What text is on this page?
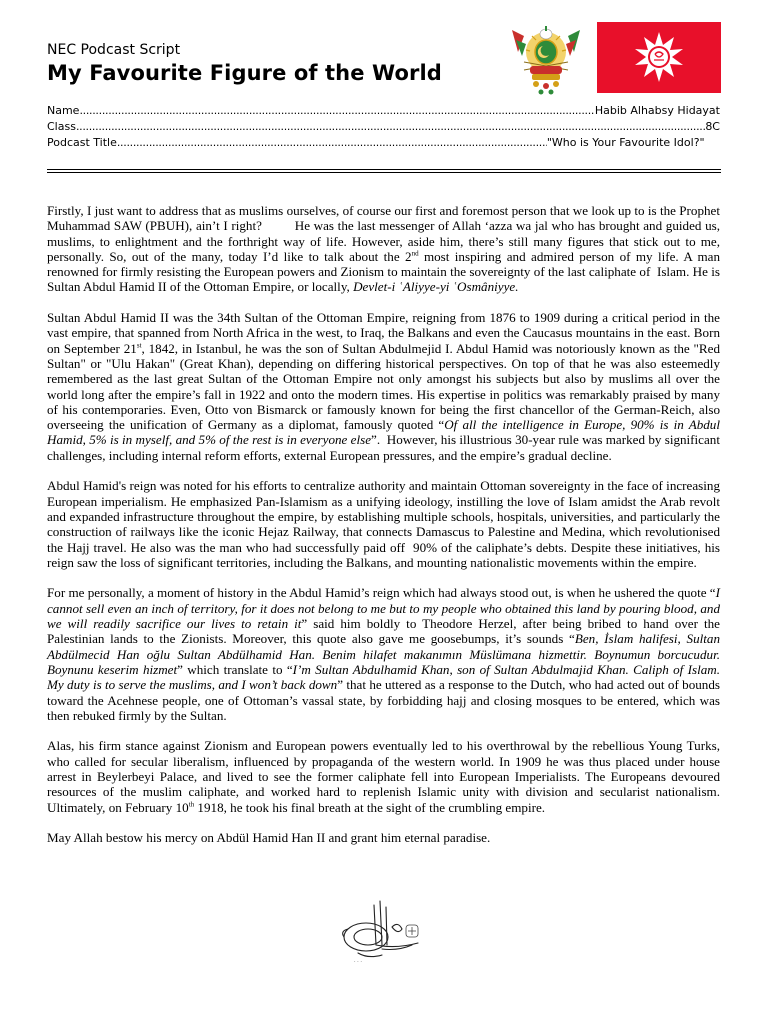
NEC Podcast Script
My Favourite Figure of the World
Name .....	Habib Alhabsy Hidayat
Class .....	8C
Podcast Title .....	"Who is Your Favourite Idol?"

Firstly, I just want to address that as muslims ourselves, of course our first and foremost person that we look up to is the Prophet Muhammad SAW (PBUH), ain’t I right?         He was the last messenger of Allah ‘azza wa jal who has brought and guided us, muslims, to enlightment and the forthright way of life. However, aside him, there’s still many figures that stick out to me, personally. So, out of the many, today I’d like to talk about the 2nd most inspiring and admired person of my life. A man renowned for firmly resisting the European powers and Zionism to maintain the sovereignty of the last caliphate of  Islam. He is Sultan Abdul Hamid II of the Ottoman Empire, or locally, Devlet-i ʿAliyye-yi ʿOsmâniyye.

Sultan Abdul Hamid II was the 34th Sultan of the Ottoman Empire, reigning from 1876 to 1909 during a critical period in the vast empire, that spanned from North Africa in the west, to Iraq, the Balkans and even the Caucasus mountains in the east. Born on September 21st, 1842, in Istanbul, he was the son of Sultan Abdulmejid I. Abdul Hamid was notoriously known as the "Red Sultan" or "Ulu Hakan" (Great Khan), depending on differing historical perspectives. On top of that he was also esteemedly remembered as the last great Sultan of the Ottoman Empire not only amongst his subjects but also by muslims all over the world long after the empire’s fall in 1922 and onto the modern times. His expertise in politics was remarkably praised by many of his contemporaries. Even, Otto von Bismarck or famously known for being the first chancellor of the German-Reich, also overseeing the unification of Germany as a diplomat, famously quoted “Of all the intelligence in Europe, 90% is in Abdul Hamid, 5% is in myself, and 5% of the rest is in everyone else”.  However, his illustrious 30-year rule was marked by significant challenges, including internal reform efforts, external European pressures, and the empire’s gradual decline.

Abdul Hamid's reign was noted for his efforts to centralize authority and maintain Ottoman sovereignty in the face of increasing European imperialism. He emphasized Pan-Islamism as a unifying ideology, instilling the love of Islam amidst the Arab revolt and expanded infrastructure throughout the empire, by establishing multiple schools, hospitals, universities, and particularly the construction of railways like the iconic Hejaz Railway, that connects Damascus to Palestine and Medina, which revolutionised the Hajj travel. He also was the man who had successfully paid off  90% of the caliphate’s debts. Despite these initiatives, his reign saw the loss of significant territories, including the Balkans, and mounting nationalistic movements within the empire.

For me personally, a moment of history in the Abdul Hamid’s reign which had always stood out, is when he ushered the quote “I cannot sell even an inch of territory, for it does not belong to me but to my people who obtained this land by pouring blood, and we will readily sacrifice our lives to retain it” said him boldly to Theodore Herzel, after being bribed to hand over the Palestinian lands to the Zionists. Moreover, this quote also gave me goosebumps, it’s sounds “Ben, İslam halifesi, Sultan Abdülmecid Han oğlu Sultan Abdülhamid Han. Benim hilafet makanımın Müslümana hizmettir. Boynumun borcucudur. Boynunu keserim hizmet” which translate to “I’m Sultan Abdulhamid Khan, son of Sultan Abdulmajid Khan. Caliph of Islam. My duty is to serve the muslims, and I won’t back down” that he uttered as a response to the Dutch, who had acted out of bounds toward the Acehnese people, one of Ottoman’s vassal state, by forbidding hajj and closing mosques to be entered, which was then rebuked firmly by the Sultan.

Alas, his firm stance against Zionism and European powers eventually led to his overthrowal by the rebellious Young Turks, who called for secular liberalism, influenced by propaganda of the western world. In 1909 he was thus placed under house arrest in Beylerbeyi Palace, and lived to see the former caliphate fell into European Imperialists. The Europeans devoured resources of the muslim caliphate, and worked hard to replenish Islamic unity with division and secularist nationalism. Ultimately, on February 10th 1918, he took his final breath at the sight of the crumbling empire.

May Allah bestow his mercy on Abdül Hamid Han II and grant him eternal paradise.

· · ·
